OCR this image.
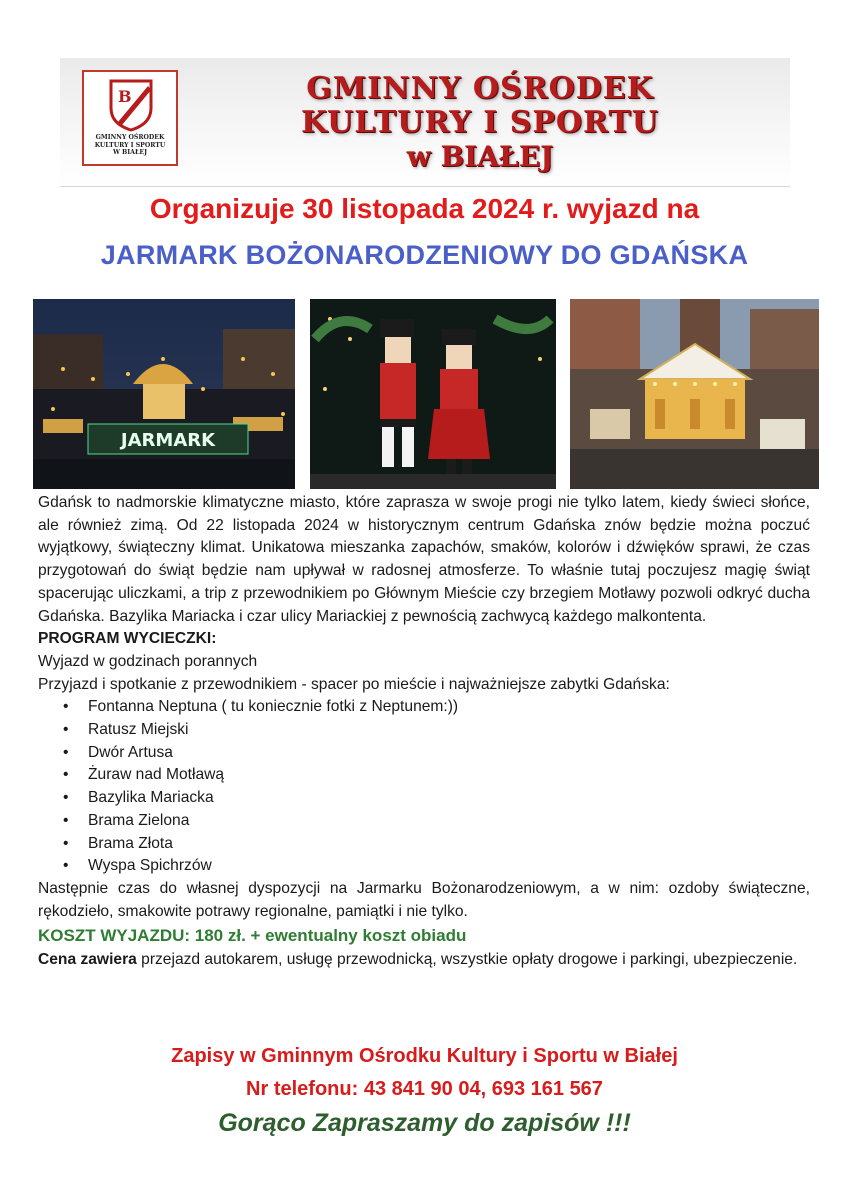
B
GMINNY OŚRODEK
KULTURY I SPORTU
W BIAŁEJ
GMINNY OŚRODEK
KULTURY I SPORTU
w BIAŁEJ
Organizuje 30 listopada 2024 r. wyjazd na
JARMARK BOŻONARODZENIOWY DO GDAŃSKA
JARMARK

Gdańsk to nadmorskie klimatyczne miasto, które zaprasza w swoje progi nie tylko latem, kiedy świeci słońce, ale również zimą. Od 22 listopada 2024 w historycznym centrum Gdańska znów będzie można poczuć wyjątkowy, świąteczny klimat. Unikatowa mieszanka zapachów, smaków, kolorów i dźwięków sprawi, że czas przygotowań do świąt będzie nam upływał w radosnej atmosferze. To właśnie tutaj poczujesz magię świąt spacerując uliczkami, a trip z przewodnikiem po Głównym Mieście czy brzegiem Motławy pozwoli odkryć ducha Gdańska. Bazylika Mariacka i czar ulicy Mariackiej z pewnością zachwycą każdego malkontenta.

PROGRAM WYCIECZKI:

Wyjazd w godzinach porannych

Przyjazd i spotkanie z przewodnikiem - spacer po mieście i najważniejsze zabytki Gdańska:

• Fontanna Neptuna ( tu koniecznie fotki z Neptunem:))
• Ratusz Miejski
• Dwór Artusa
• Żuraw nad Motławą
• Bazylika Mariacka
• Brama Zielona
• Brama Złota
• Wyspa Spichrzów

Następnie czas do własnej dyspozycji na Jarmarku Bożonarodzeniowym, a w nim: ozdoby świąteczne, rękodzieło, smakowite potrawy regionalne, pamiątki i nie tylko.

KOSZT WYJAZDU: 180 zł. + ewentualny koszt obiadu

Cena zawiera przejazd autokarem, usługę przewodnicką, wszystkie opłaty drogowe i parkingi, ubezpieczenie.

Zapisy w Gminnym Ośrodku Kultury i Sportu w Białej
Nr telefonu: 43 841 90 04, 693 161 567
Gorąco Zapraszamy do zapisów !!!
